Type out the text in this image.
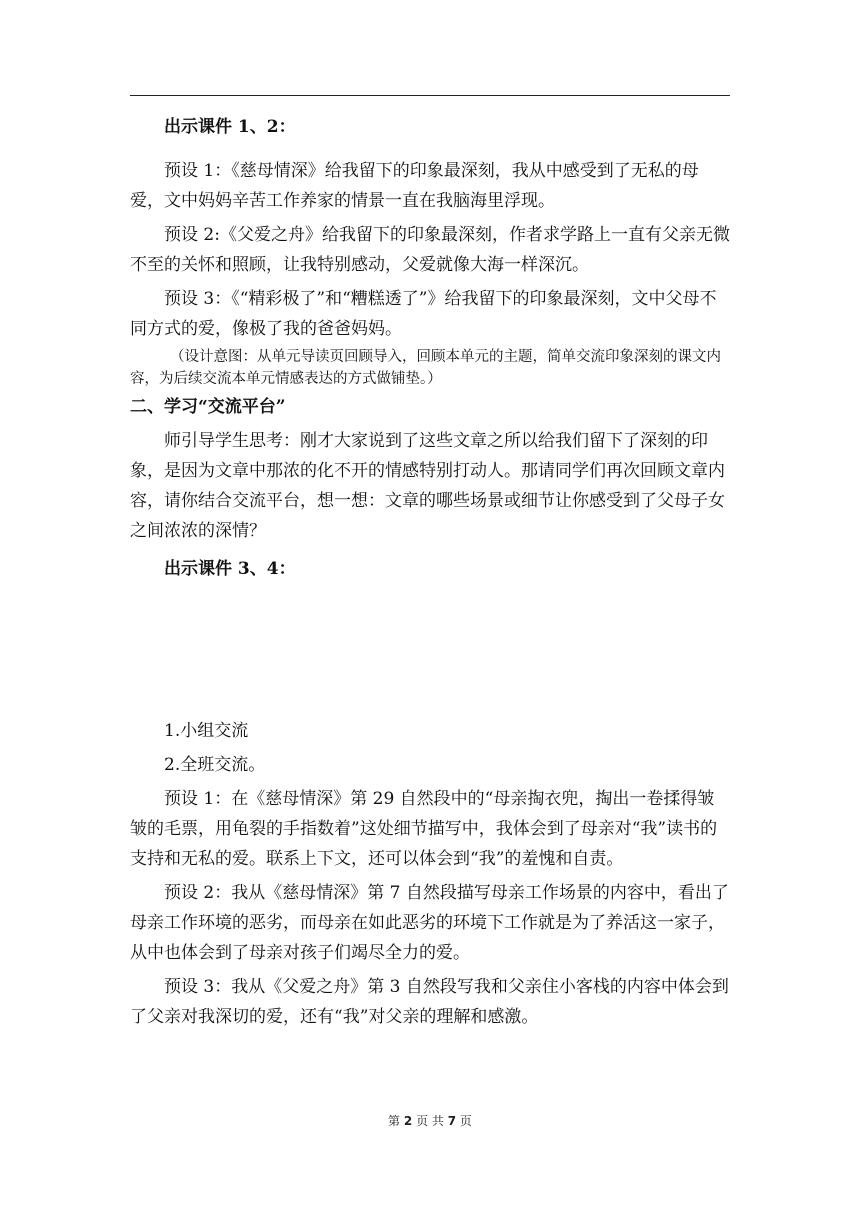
出示课件 1、2：

预设 1：《慈母情深》给我留下的印象最深刻，我从中感受到了无私的母爱，文中妈妈辛苦工作养家的情景一直在我脑海里浮现。

预设 2:《父爱之舟》给我留下的印象最深刻，作者求学路上一直有父亲无微不至的关怀和照顾，让我特别感动，父爱就像大海一样深沉。

预设 3：《“精彩极了”和“糟糕透了”》给我留下的印象最深刻，文中父母不同方式的爱，像极了我的爸爸妈妈。

（设计意图：从单元导读页回顾导入，回顾本单元的主题，简单交流印象深刻的课文内容，为后续交流本单元情感表达的方式做铺垫。）

二、学习“交流平台”

师引导学生思考：刚才大家说到了这些文章之所以给我们留下了深刻的印象，是因为文章中那浓的化不开的情感特别打动人。那请同学们再次回顾文章内容，请你结合交流平台，想一想：文章的哪些场景或细节让你感受到了父母子女之间浓浓的深情？

出示课件 3、4：

1.小组交流

2.全班交流。

预设 1：在《慈母情深》第 29 自然段中的“母亲掏衣兜，掏出一卷揉得皱皱的毛票，用龟裂的手指数着”这处细节描写中，我体会到了母亲对“我”读书的支持和无私的爱。联系上下文，还可以体会到“我”的羞愧和自责。

预设 2：我从《慈母情深》第 7 自然段描写母亲工作场景的内容中，看出了母亲工作环境的恶劣，而母亲在如此恶劣的环境下工作就是为了养活这一家子，从中也体会到了母亲对孩子们竭尽全力的爱。

预设 3：我从《父爱之舟》第 3 自然段写我和父亲住小客栈的内容中体会到了父亲对我深切的爱，还有“我”对父亲的理解和感激。

第 2 页 共 7 页
